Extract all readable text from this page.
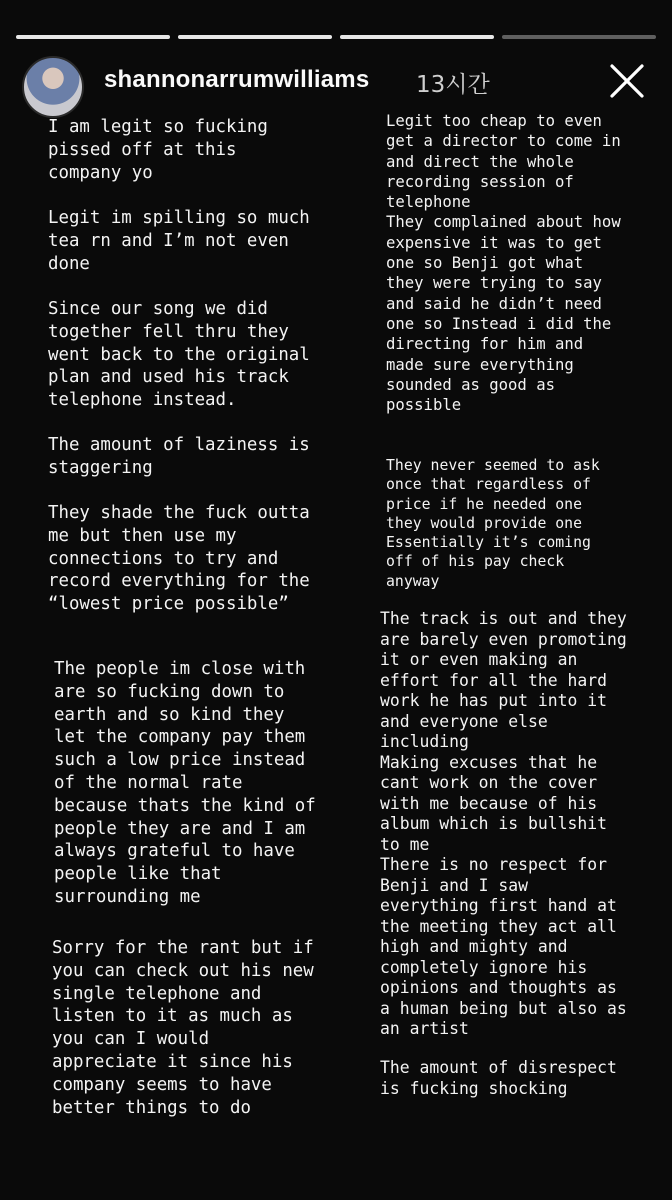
shannonarrumwilliams 13시간

I am legit so fucking
pissed off at this
company yo

Legit im spilling so much
tea rn and I’m not even
done

Since our song we did
together fell thru they
went back to the original
plan and used his track
telephone instead.

The amount of laziness is
staggering

They shade the fuck outta
me but then use my
connections to try and
record everything for the
“lowest price possible”

The people im close with
are so fucking down to
earth and so kind they
let the company pay them
such a low price instead
of the normal rate
because thats the kind of
people they are and I am
always grateful to have
people like that
surrounding me

Sorry for the rant but if
you can check out his new
single telephone and
listen to it as much as
you can I would
appreciate it since his
company seems to have
better things to do

Legit too cheap to even
get a director to come in
and direct the whole
recording session of
telephone
They complained about how
expensive it was to get
one so Benji got what
they were trying to say
and said he didn’t need
one so Instead i did the
directing for him and
made sure everything
sounded as good as
possible

They never seemed to ask
once that regardless of
price if he needed one
they would provide one
Essentially it’s coming
off of his pay check
anyway

The track is out and they
are barely even promoting
it or even making an
effort for all the hard
work he has put into it
and everyone else
including
Making excuses that he
cant work on the cover
with me because of his
album which is bullshit
to me
There is no respect for
Benji and I saw
everything first hand at
the meeting they act all
high and mighty and
completely ignore his
opinions and thoughts as
a human being but also as
an artist

The amount of disrespect
is fucking shocking
